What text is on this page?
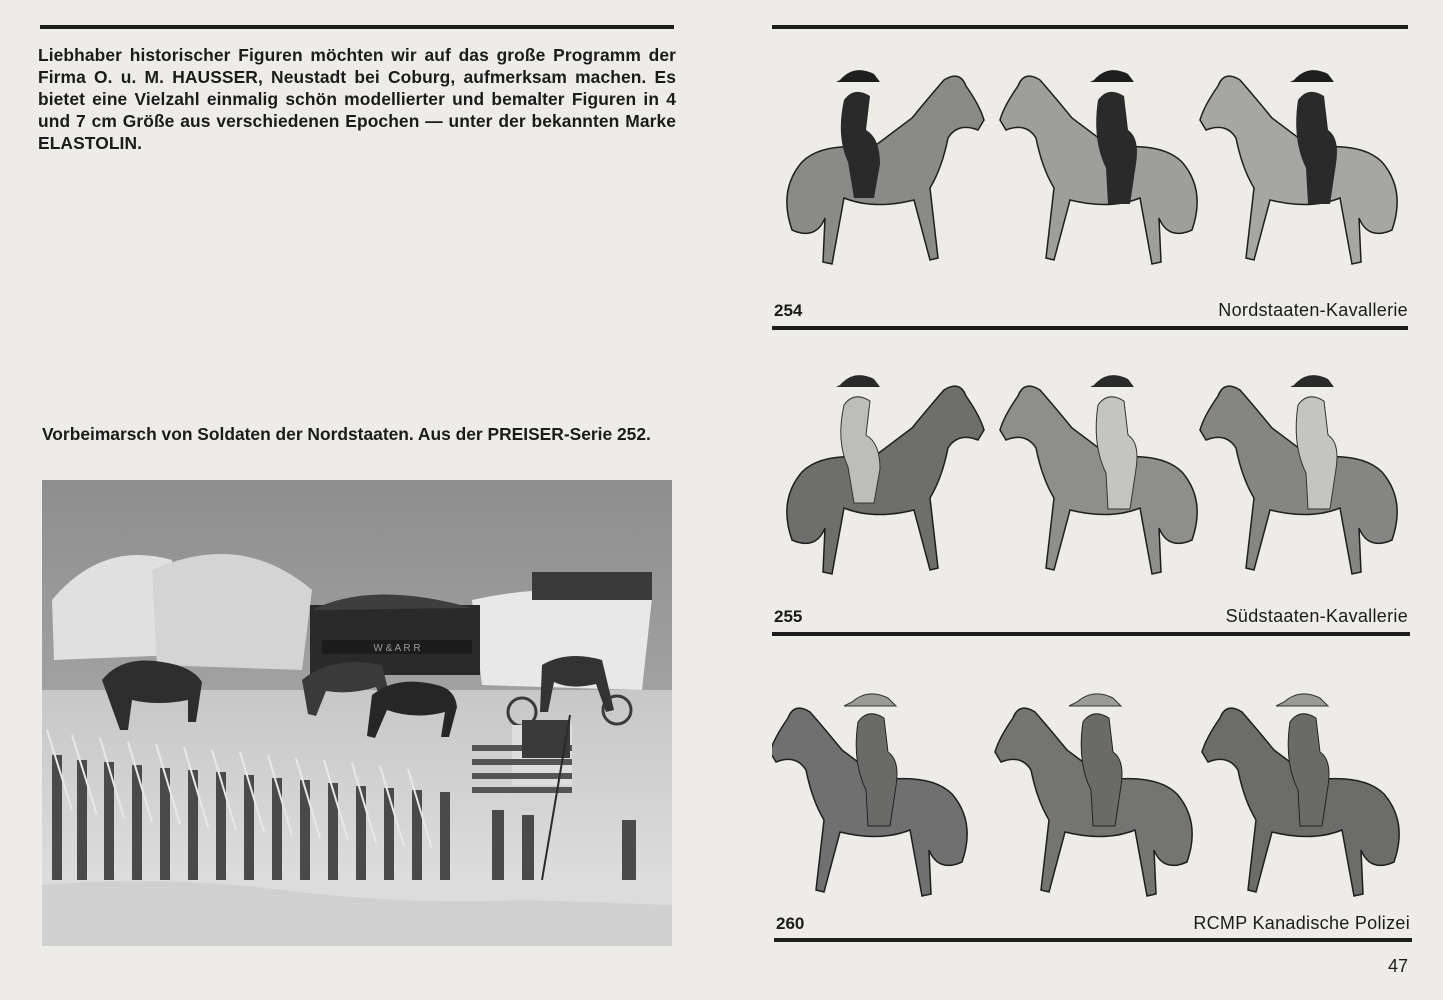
Liebhaber historischer Figuren möchten wir auf das große Programm der Firma O. u. M. HAUSSER, Neustadt bei Coburg, aufmerksam machen. Es bietet eine Vielzahl einmalig schön modellierter und bemalter Figuren in 4 und 7 cm Größe aus verschiedenen Epochen — unter der bekannten Marke ELASTOLIN.

Vorbeimarsch von Soldaten der Nordstaaten. Aus der PREISER-Serie 252.

W & A R R
254	Nordstaaten-Kavallerie
255	Südstaaten-Kavallerie
260	RCMP Kanadische Polizei
47
